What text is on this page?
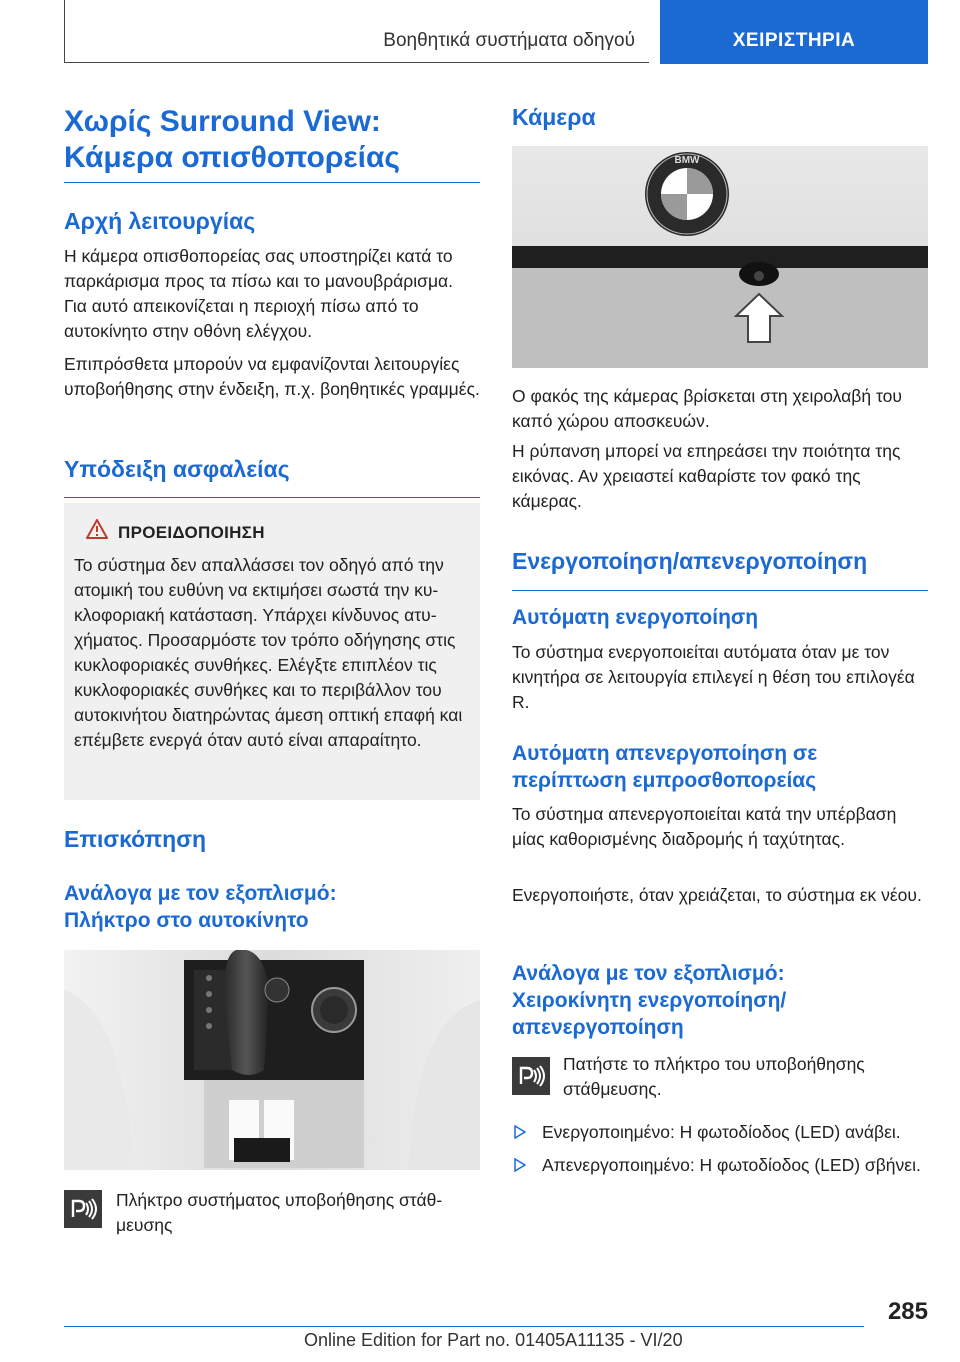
Βοηθητικά συστήματα οδηγού	ΧΕΙΡΙΣΤΗΡΙΑ
Χωρίς Surround View:
Κάμερα οπισθοπορείας
Αρχή λειτουργίας

Η κάμερα οπισθοπορείας σας υποστηρίζει κατά το παρκάρισμα προς τα πίσω και το μανουβράρισμα. Για αυτό απεικονίζεται η περιοχή πίσω από το αυτοκίνητο στην οθόνη ελέγχου.

Επιπρόσθετα μπορούν να εμφανίζονται λειτουργίες υποβοήθησης στην ένδειξη, π.χ. βοηθητικές γραμμές.

Υπόδειξη ασφαλείας
ΠΡΟΕΙΔΟΠΟΙΗΣΗ

Το σύστημα δεν απαλλάσσει τον οδηγό από την ατομική του ευθύνη να εκτιμήσει σωστά την κυκλοφοριακή κατάσταση. Υπάρχει κίνδυνος ατυχήματος. Προσαρμόστε τον τρόπο οδήγησης στις κυκλοφοριακές συνθήκες. Ελέγξτε επιπλέον τις κυκλοφοριακές συνθήκες και το περιβάλλον του αυτοκινήτου διατηρώντας άμεση οπτική επαφή και επέμβετε ενεργά όταν αυτό είναι απαραίτητο.

Επισκόπηση
Ανάλογα με τον εξοπλισμό:
Πλήκτρο στο αυτοκίνητο

Πλήκτρο συστήματος υποβοήθησης στάθμευσης

Κάμερα
BMW

Ο φακός της κάμερας βρίσκεται στη χειρολαβή του καπό χώρου αποσκευών.

Η ρύπανση μπορεί να επηρεάσει την ποιότητα της εικόνας. Αν χρειαστεί καθαρίστε τον φακό της κάμερας.

Ενεργοποίηση/απενεργοποίηση
Αυτόματη ενεργοποίηση

Το σύστημα ενεργοποιείται αυτόματα όταν με τον κινητήρα σε λειτουργία επιλεγεί η θέση του επιλογέα R.

Αυτόματη απενεργοποίηση σε
περίπτωση εμπροσθοπορείας

Το σύστημα απενεργοποιείται κατά την υπέρβαση μίας καθορισμένης διαδρομής ή ταχύτητας.

Ενεργοποιήστε, όταν χρειάζεται, το σύστημα εκ νέου.

Ανάλογα με τον εξοπλισμό:
Χειροκίνητη ενεργοποίηση/
απενεργοποίηση

Πατήστε το πλήκτρο του υποβοήθησης στάθμευσης.

Ενεργοποιημένο: Η φωτοδίοδος (LED) ανάβει.
Απενεργοποιημένο: Η φωτοδίοδος (LED) σβήνει.
285
Online Edition for Part no. 01405A11135 - VI/20
